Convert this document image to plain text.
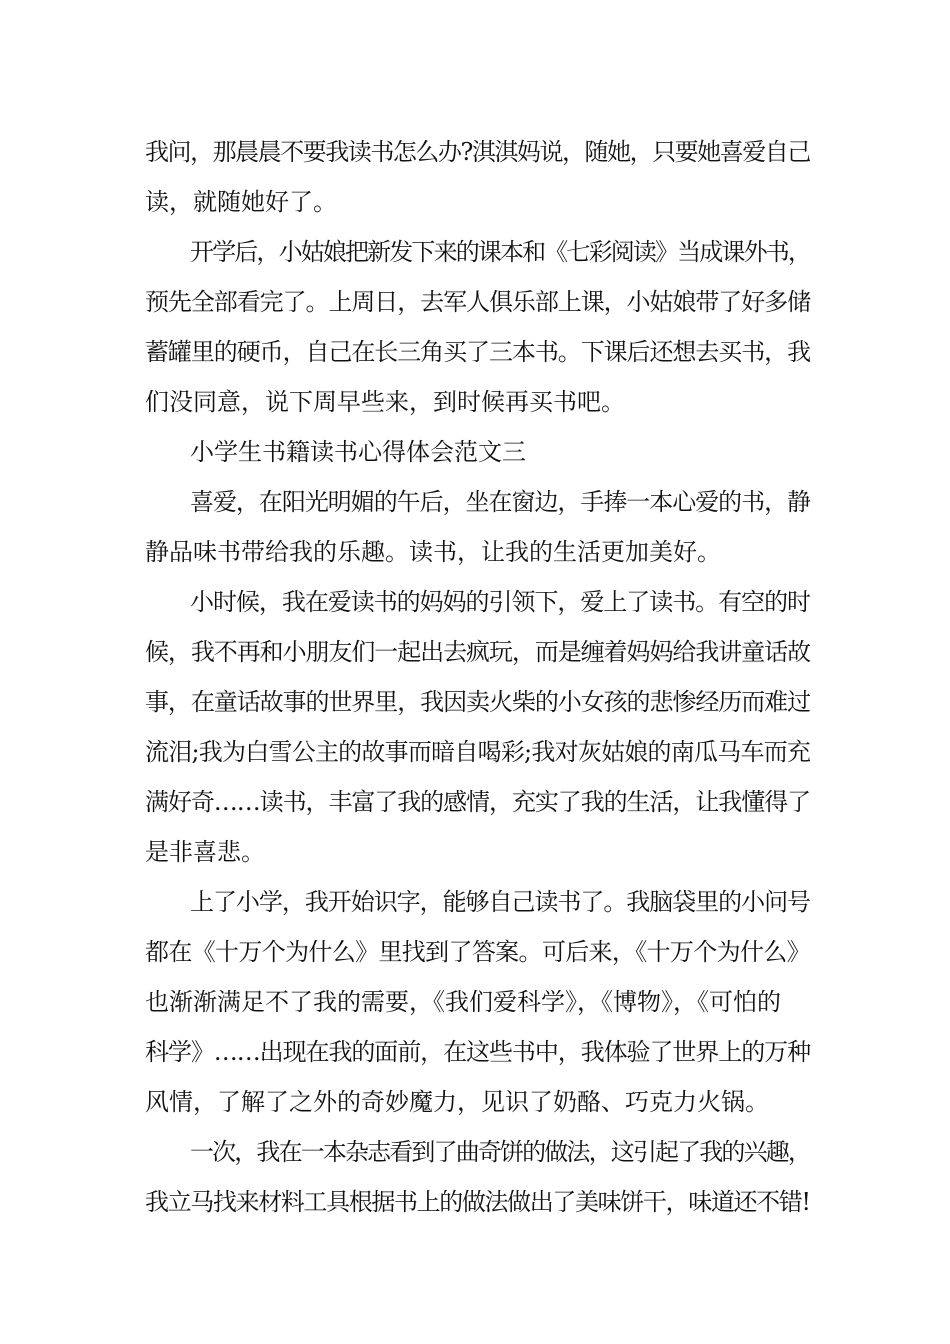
我问，那晨晨不要我读书怎么办?淇淇妈说，随她，只要她喜爱自己
读，就随她好了。
开学后，小姑娘把新发下来的课本和《七彩阅读》当成课外书，
预先全部看完了。上周日，去军人俱乐部上课，小姑娘带了好多储
蓄罐里的硬币，自己在长三角买了三本书。下课后还想去买书，我
们没同意，说下周早些来，到时候再买书吧。
小学生书籍读书心得体会范文三
喜爱，在阳光明媚的午后，坐在窗边，手捧一本心爱的书，静
静品味书带给我的乐趣。读书，让我的生活更加美好。
小时候，我在爱读书的妈妈的引领下，爱上了读书。有空的时
候，我不再和小朋友们一起出去疯玩，而是缠着妈妈给我讲童话故
事，在童话故事的世界里，我因卖火柴的小女孩的悲惨经历而难过
流泪;我为白雪公主的故事而暗自喝彩;我对灰姑娘的南瓜马车而充
满好奇……读书，丰富了我的感情，充实了我的生活，让我懂得了
是非喜悲。
上了小学，我开始识字，能够自己读书了。我脑袋里的小问号
都在《十万个为什么》里找到了答案。可后来，《十万个为什么》
也渐渐满足不了我的需要，《我们爱科学》，《博物》，《可怕的
科学》……出现在我的面前，在这些书中，我体验了世界上的万种
风情，了解了之外的奇妙魔力，见识了奶酪、巧克力火锅。
一次，我在一本杂志看到了曲奇饼的做法，这引起了我的兴趣，
我立马找来材料工具根据书上的做法做出了美味饼干，味道还不错!
